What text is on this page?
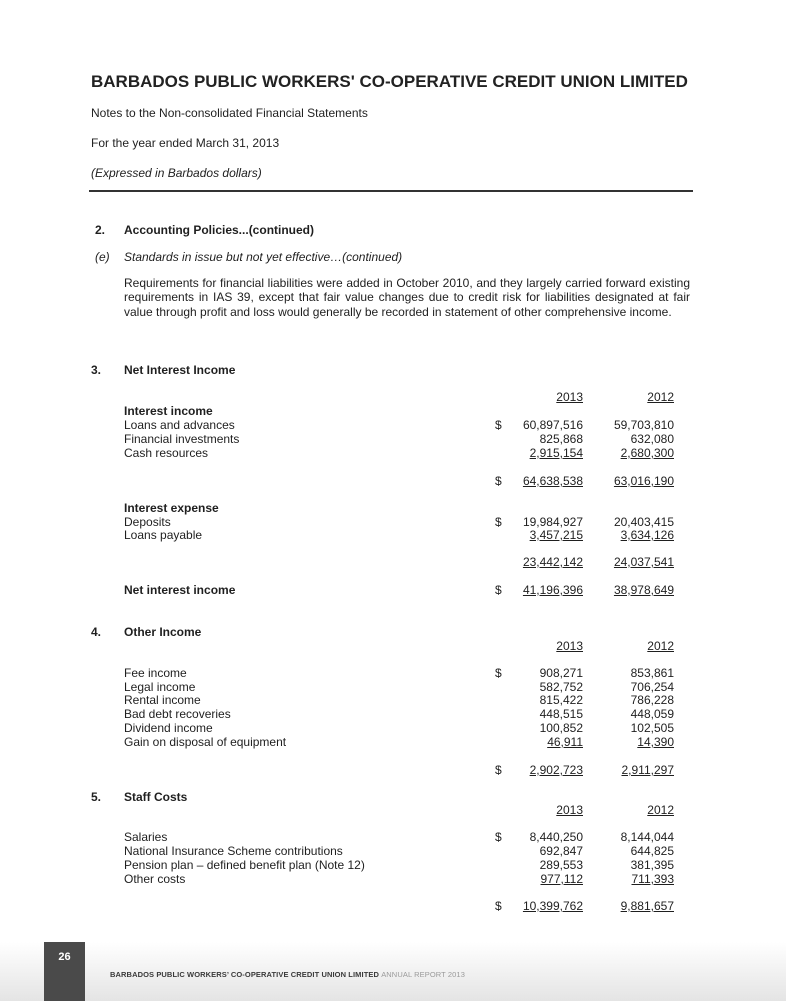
BARBADOS PUBLIC WORKERS' CO-OPERATIVE CREDIT UNION LIMITED
Notes to the Non-consolidated Financial Statements
For the year ended March 31, 2013
(Expressed in Barbados dollars)
2. Accounting Policies...(continued)
(e) Standards in issue but not yet effective…(continued)
Requirements for financial liabilities were added in October 2010, and they largely carried forward existing requirements in IAS 39, except that fair value changes due to credit risk for liabilities designated at fair value through profit and loss would generally be recorded in statement of other comprehensive income.
3. Net Interest Income
2013	2012
Interest income
Loans and advances	$ 60,897,516	59,703,810
Financial investments	825,868	632,080
Cash resources	2,915,154	2,680,300
$ 64,638,538	63,016,190
Interest expense
Deposits	$ 19,984,927	20,403,415
Loans payable	3,457,215	3,634,126
23,442,142	24,037,541
Net interest income	$ 41,196,396	38,978,649
4. Other Income
2013	2012
Fee income	$	908,271	853,861
Legal income	582,752	706,254
Rental income	815,422	786,228
Bad debt recoveries	448,515	448,059
Dividend income	100,852	102,505
Gain on disposal of equipment	46,911	14,390
$ 2,902,723	2,911,297
5. Staff Costs
2013	2012
Salaries	$ 8,440,250	8,144,044
National Insurance Scheme contributions	692,847	644,825
Pension plan – defined benefit plan (Note 12)	289,553	381,395
Other costs	977,112	711,393
$ 10,399,762	9,881,657
26
BARBADOS PUBLIC WORKERS’ CO-OPERATIVE CREDIT UNION LIMITED ANNUAL REPORT 2013
